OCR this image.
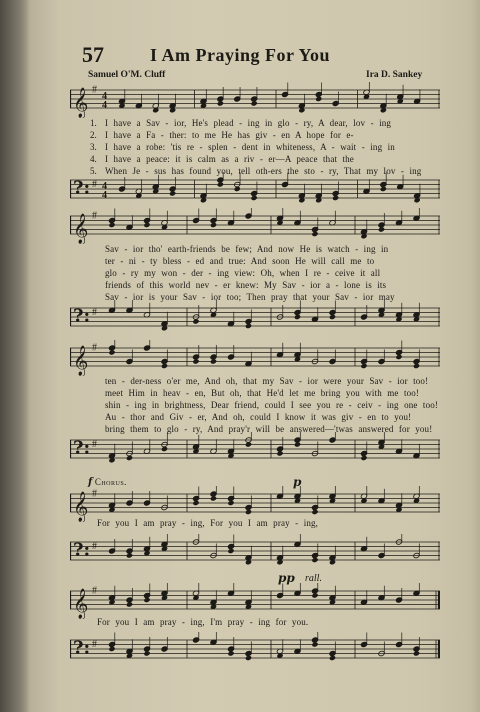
57	I Am Praying For You
Samuel O'M. Cluff	Ira D. Sankey
𝄞 #
4
4
1. I have a Sav - ior, He's plead - ing in glo - ry, A dear, lov - ing
2. I have a Fa - ther: to me He has giv - en A hope for e-
3. I have a robe: 'tis re - splen - dent in whiteness, A - wait - ing in
4. I have a peace: it is calm as a riv - er—A peace that the
5. When Je - sus has found you, tell oth-ers the sto - ry, That my lov - ing
?: # 4
4
𝄞 #
Sav - ior tho' earth-friends be few; And now He is watch - ing in
ter - ni - ty bless - ed and true: And soon He will call me to
glo - ry my won - der - ing view: Oh, when I re - ceive it all
friends of this world nev - er knew: My Sav - ior a - lone is its
Sav - ior is your Sav - ior too; Then pray that your Sav - ior may
?: #
𝄞 #
ten - der-ness o'er me, And oh, that my Sav - ior were your Sav - ior too!
meet Him in heav - en, But oh, that He'd let me bring you with me too!
shin - ing in brightness, Dear friend, could I see you re - ceiv - ing one too!
Au - thor and Giv - er, And oh, could I know it was giv - en to you!
bring them to glo - ry, And pray'r will be answered—'twas answered for you!
?: #
f Chorus.	p
𝄞 #
For you I am pray - ing, For you I am pray - ing,
?: #
pp rall.
𝄞 #
For you I am pray - ing, I'm pray - ing for you.
?: #
